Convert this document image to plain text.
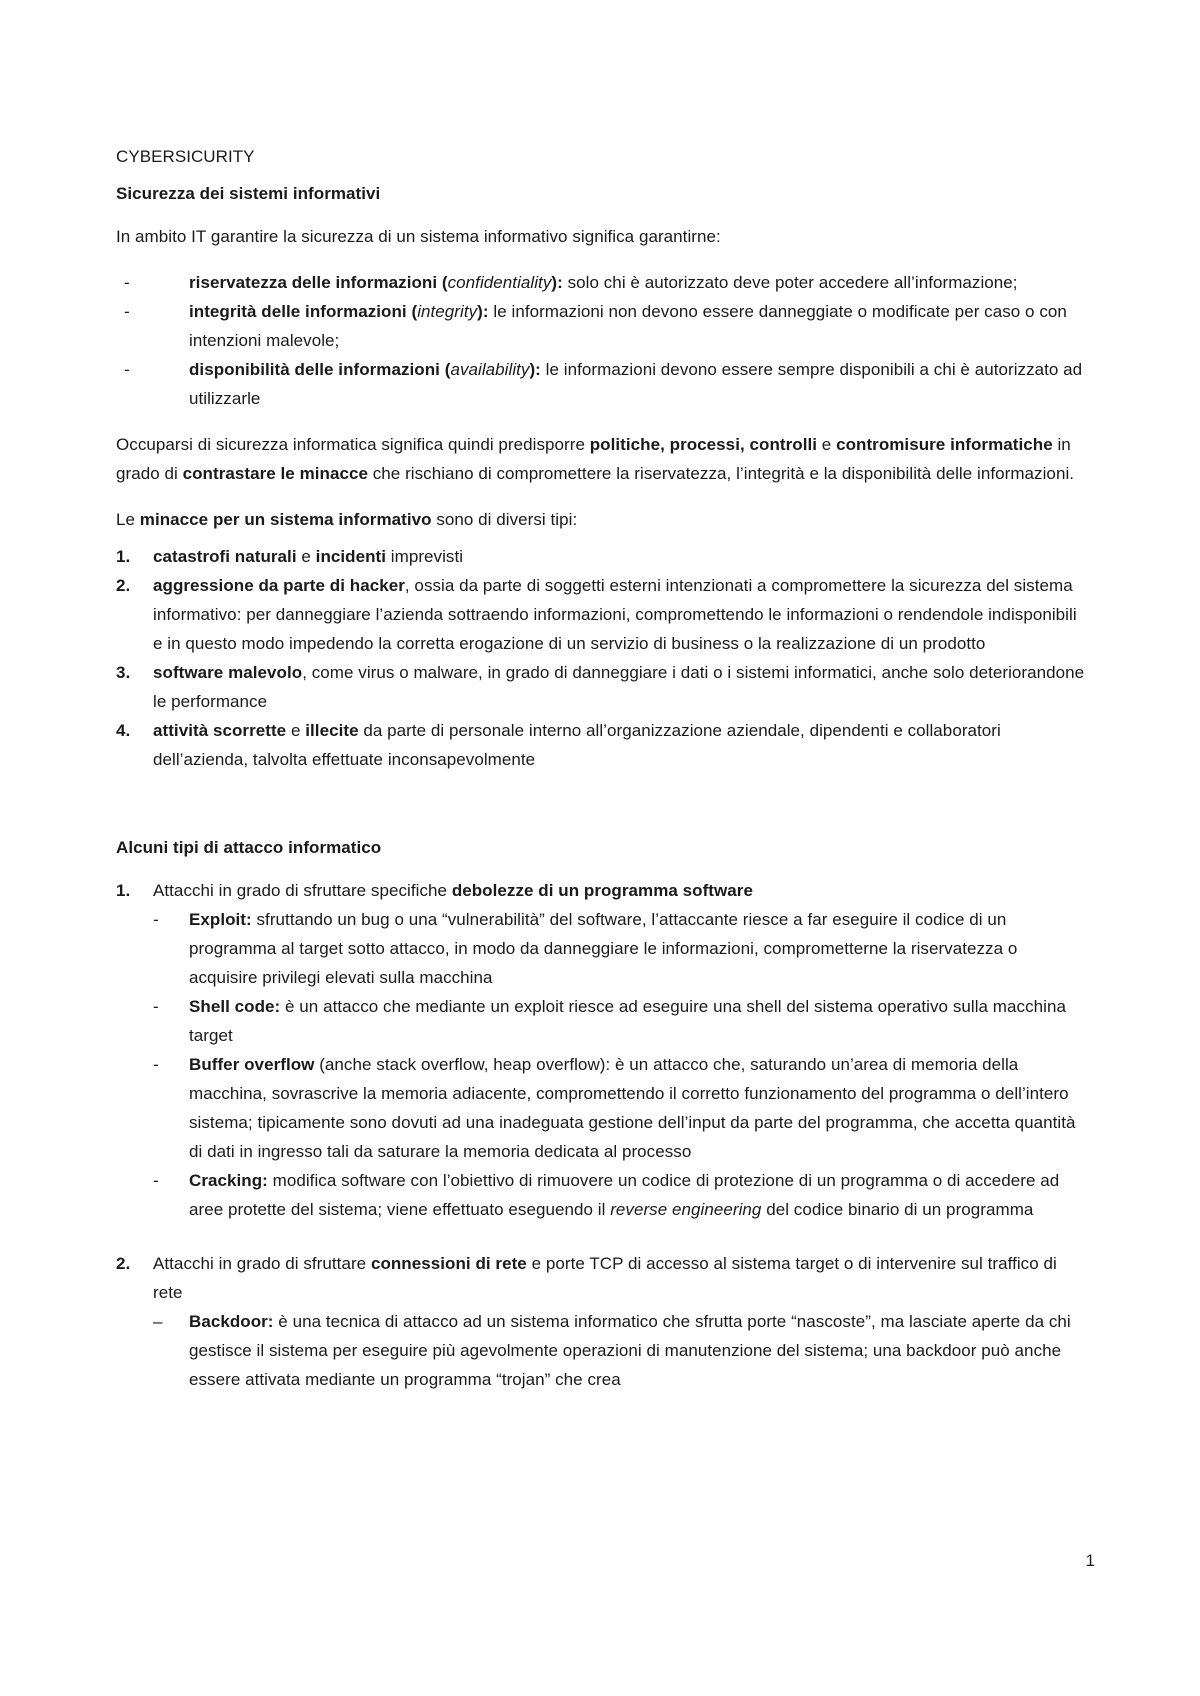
CYBERSICURITY
Sicurezza dei sistemi informativi
In ambito IT garantire la sicurezza di un sistema informativo significa garantirne:
-	riservatezza delle informazioni (confidentiality): solo chi è autorizzato deve poter accedere all’informazione;
-	integrità delle informazioni (integrity): le informazioni non devono essere danneggiate o modificate per caso o con intenzioni malevole;
-	disponibilità delle informazioni (availability): le informazioni devono essere sempre disponibili a chi è autorizzato ad utilizzarle
Occuparsi di sicurezza informatica significa quindi predisporre politiche, processi, controlli e contromisure informatiche in grado di contrastare le minacce che rischiano di compromettere la riservatezza, l’integrità e la disponibilità delle informazioni.
Le minacce per un sistema informativo sono di diversi tipi:
1. catastrofi naturali e incidenti imprevisti
2. aggressione da parte di hacker, ossia da parte di soggetti esterni intenzionati a compromettere la sicurezza del sistema informativo: per danneggiare l’azienda sottraendo informazioni, compromettendo le informazioni o rendendole indisponibili e in questo modo impedendo la corretta erogazione di un servizio di business o la realizzazione di un prodotto
3. software malevolo, come virus o malware, in grado di danneggiare i dati o i sistemi informatici, anche solo deteriorandone le performance
4. attività scorrette e illecite da parte di personale interno all’organizzazione aziendale, dipendenti e collaboratori dell’azienda, talvolta effettuate inconsapevolmente
Alcuni tipi di attacco informatico
1. Attacchi in grado di sfruttare specifiche debolezze di un programma software
- Exploit: sfruttando un bug o una “vulnerabilità” del software, l’attaccante riesce a far eseguire il codice di un programma al target sotto attacco, in modo da danneggiare le informazioni, comprometterne la riservatezza o acquisire privilegi elevati sulla macchina
- Shell code: è un attacco che mediante un exploit riesce ad eseguire una shell del sistema operativo sulla macchina target
- Buffer overflow (anche stack overflow, heap overflow): è un attacco che, saturando un’area di memoria della macchina, sovrascrive la memoria adiacente, compromettendo il corretto funzionamento del programma o dell’intero sistema; tipicamente sono dovuti ad una inadeguata gestione dell’input da parte del programma, che accetta quantità di dati in ingresso tali da saturare la memoria dedicata al processo
- Cracking: modifica software con l’obiettivo di rimuovere un codice di protezione di un programma o di accedere ad aree protette del sistema; viene effettuato eseguendo il reverse engineering del codice binario di un programma
2. Attacchi in grado di sfruttare connessioni di rete e porte TCP di accesso al sistema target o di intervenire sul traffico di rete
– Backdoor: è una tecnica di attacco ad un sistema informatico che sfrutta porte “nascoste”, ma lasciate aperte da chi gestisce il sistema per eseguire più agevolmente operazioni di manutenzione del sistema; una backdoor può anche essere attivata mediante un programma “trojan” che crea
1
